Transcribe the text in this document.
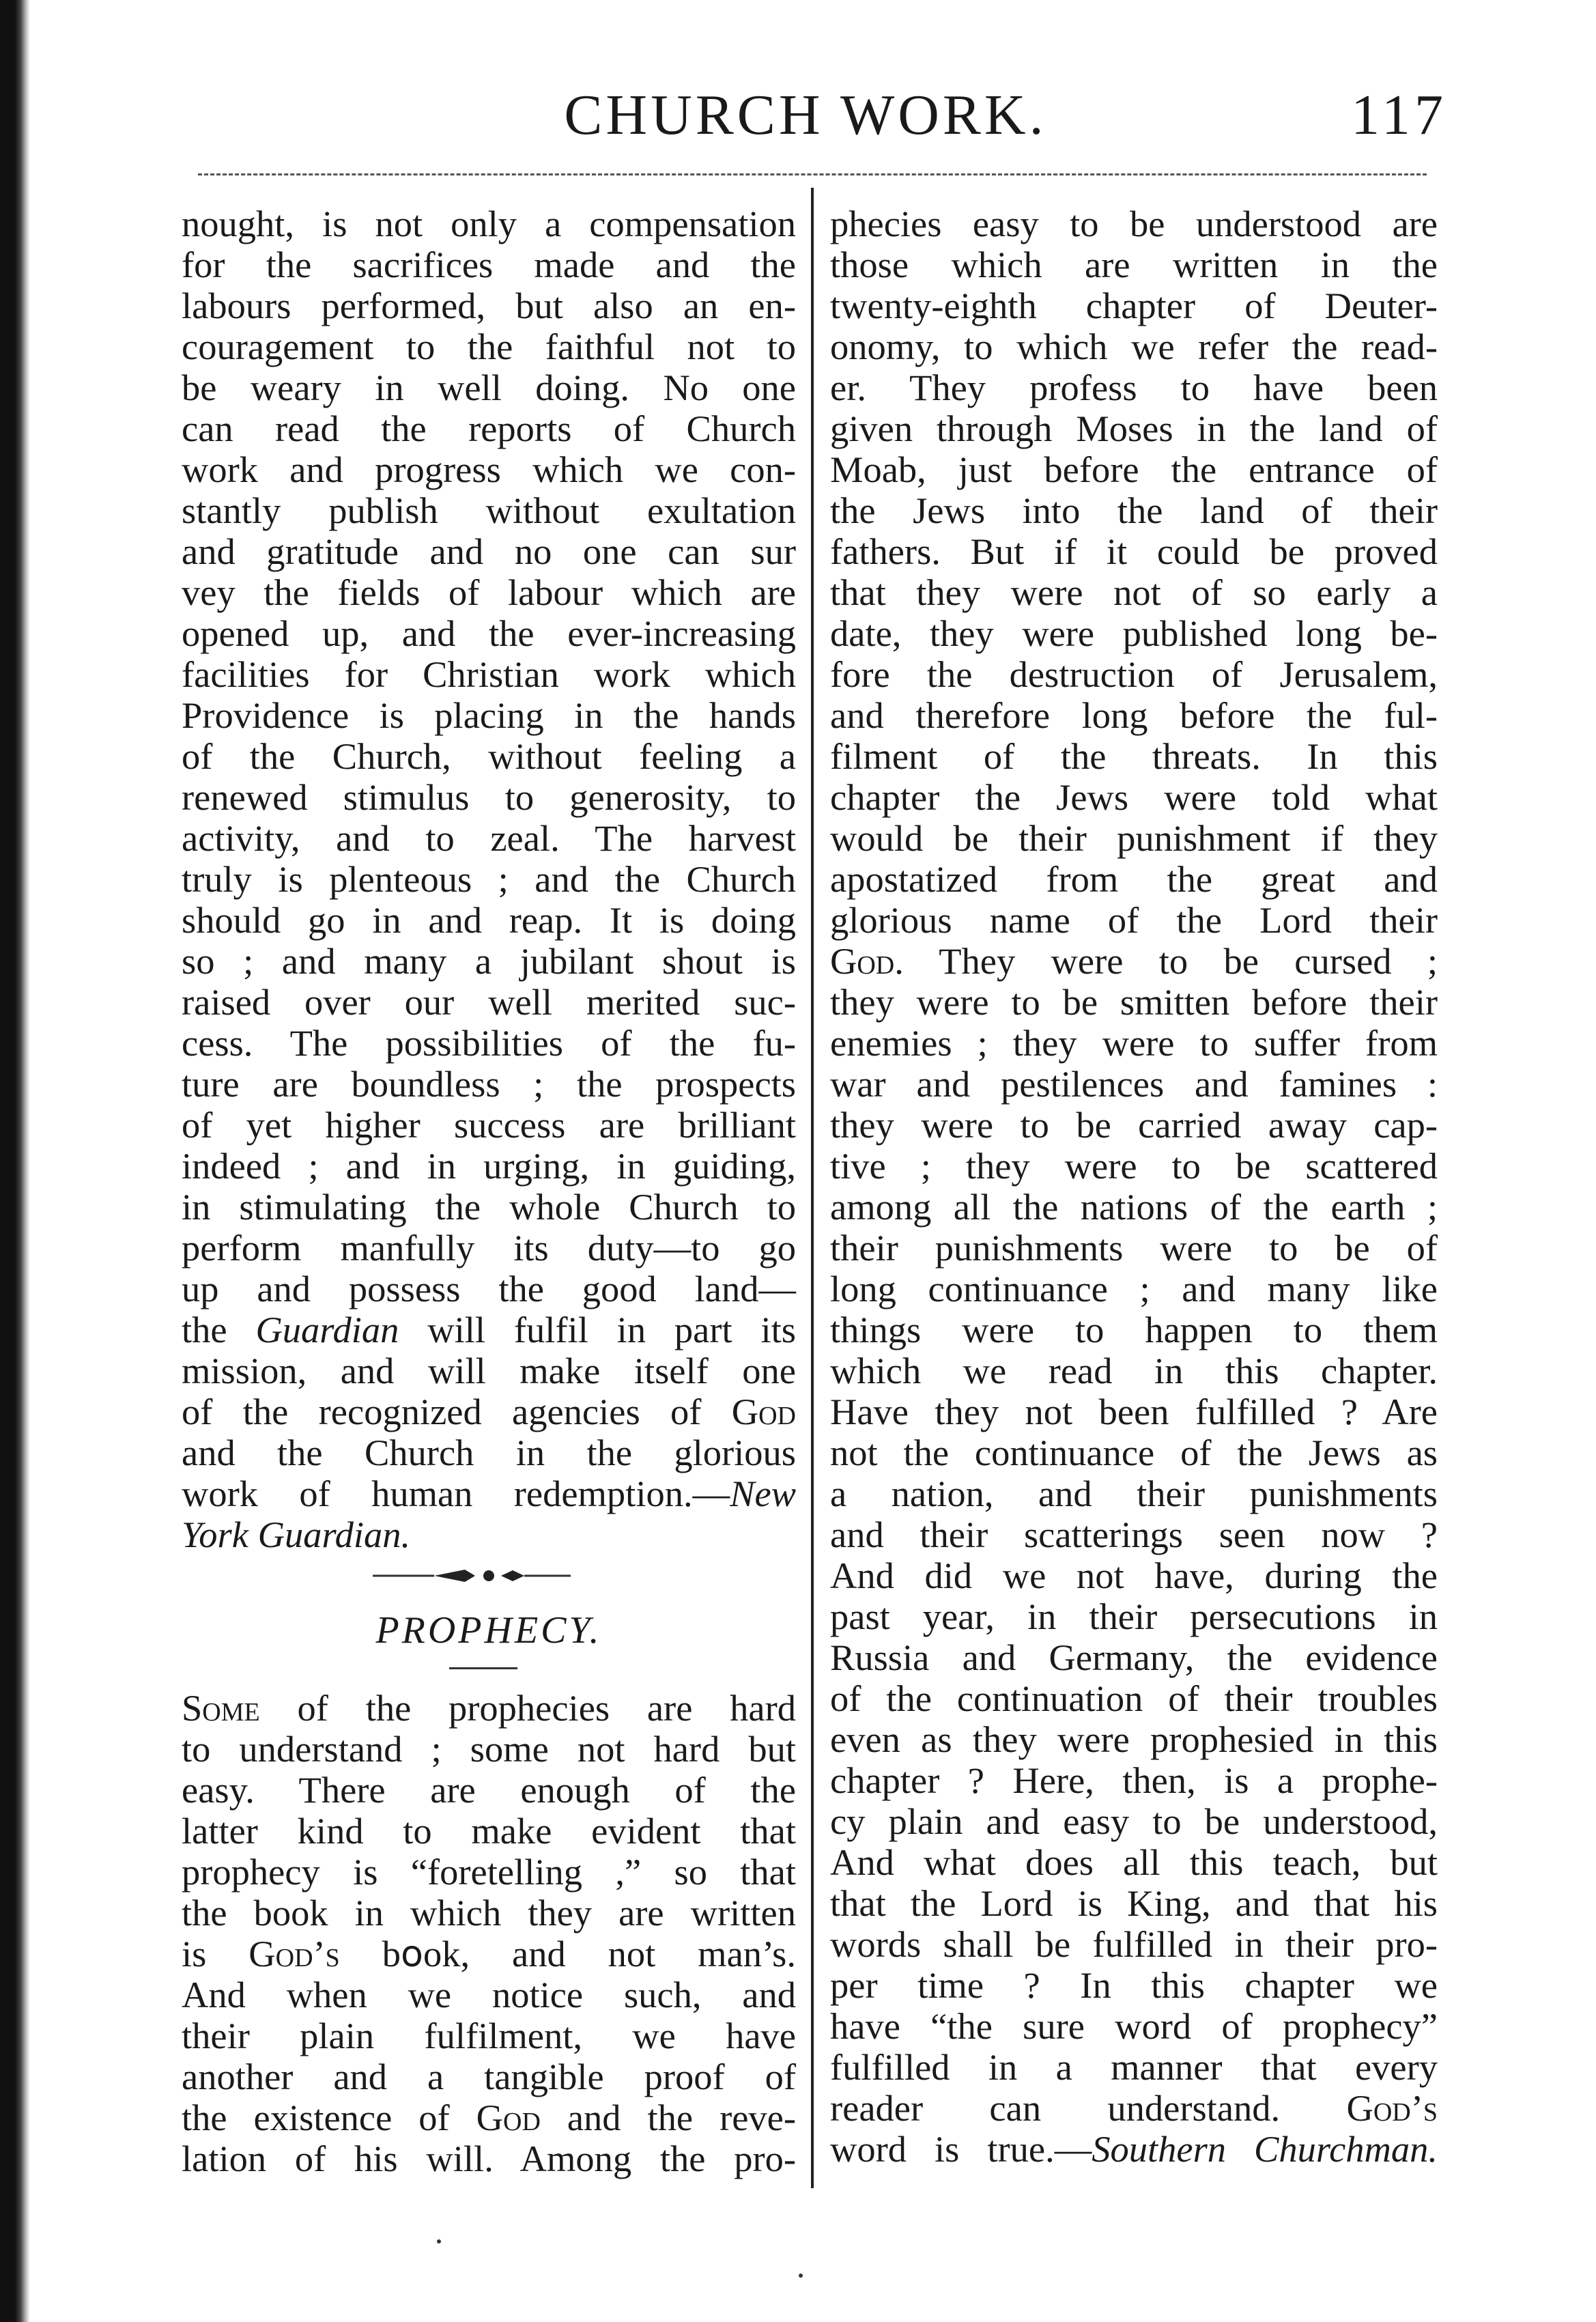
CHURCH WORK.	117
nought, is not only a compensation
for the sacrifices made and the
labours performed, but also an en-
couragement to the faithful not to
be weary in well doing. No one
can read the reports of Church
work and progress which we con-
stantly publish without exultation
and gratitude and no one can sur
vey the fields of labour which are
opened up, and the ever-increasing
facilities for Christian work which
Providence is placing in the hands
of the Church, without feeling a
renewed stimulus to generosity, to
activity, and to zeal. The harvest
truly is plenteous ; and the Church
should go in and reap. It is doing
so ; and many a jubilant shout is
raised over our well merited suc-
cess. The possibilities of the fu-
ture are boundless ; the prospects
of yet higher success are brilliant
indeed ; and in urging, in guiding,
in stimulating the whole Church to
perform manfully its duty—to go
up and possess the good land—
the Guardian will fulfil in part its
mission, and will make itself one
of the recognized agencies of God
and the Church in the glorious
work of human redemption.—New
York Guardian.
PROPHECY.
Some of the prophecies are hard
to understand ; some not hard but
easy. There are enough of the
latter kind to make evident that
prophecy is “foretelling ,” so that
the book in which they are written
is God’s b𐐬ok, and not man’s.
And when we notice such, and
their plain fulfilment, we have
another and a tangible proof of
the existence of God and the reve-
lation of his will. Among the pro-
phecies easy to be understood are
those which are written in the
twenty-eighth chapter of Deuter-
onomy, to which we refer the read-
er. They profess to have been
given through Moses in the land of
Moab, just before the entrance of
the Jews into the land of their
fathers. But if it could be proved
that they were not of so early a
date, they were published long be-
fore the destruction of Jerusalem,
and therefore long before the ful-
filment of the threats. In this
chapter the Jews were told what
would be their punishment if they
apostatized from the great and
glorious name of the Lord their
God. They were to be cursed ;
they were to be smitten before their
enemies ; they were to suffer from
war and pestilences and famines :
they were to be carried away cap-
tive ; they were to be scattered
among all the nations of the earth ;
their punishments were to be of
long continuance ; and many like
things were to happen to them
which we read in this chapter.
Have they not been fulfilled ? Are
not the continuance of the Jews as
a nation, and their punishments
and their scatterings seen now ?
And did we not have, during the
past year, in their persecutions in
Russia and Germany, the evidence
of the continuation of their troubles
even as they were prophesied in this
chapter ? Here, then, is a prophe-
cy plain and easy to be understood,
And what does all this teach, but
that the Lord is King, and that his
words shall be fulfilled in their pro-
per time ? In this chapter we
have “the sure word of prophecy”
fulfilled in a manner that every
reader can understand. God’s
word is true.—Southern Churchman.
